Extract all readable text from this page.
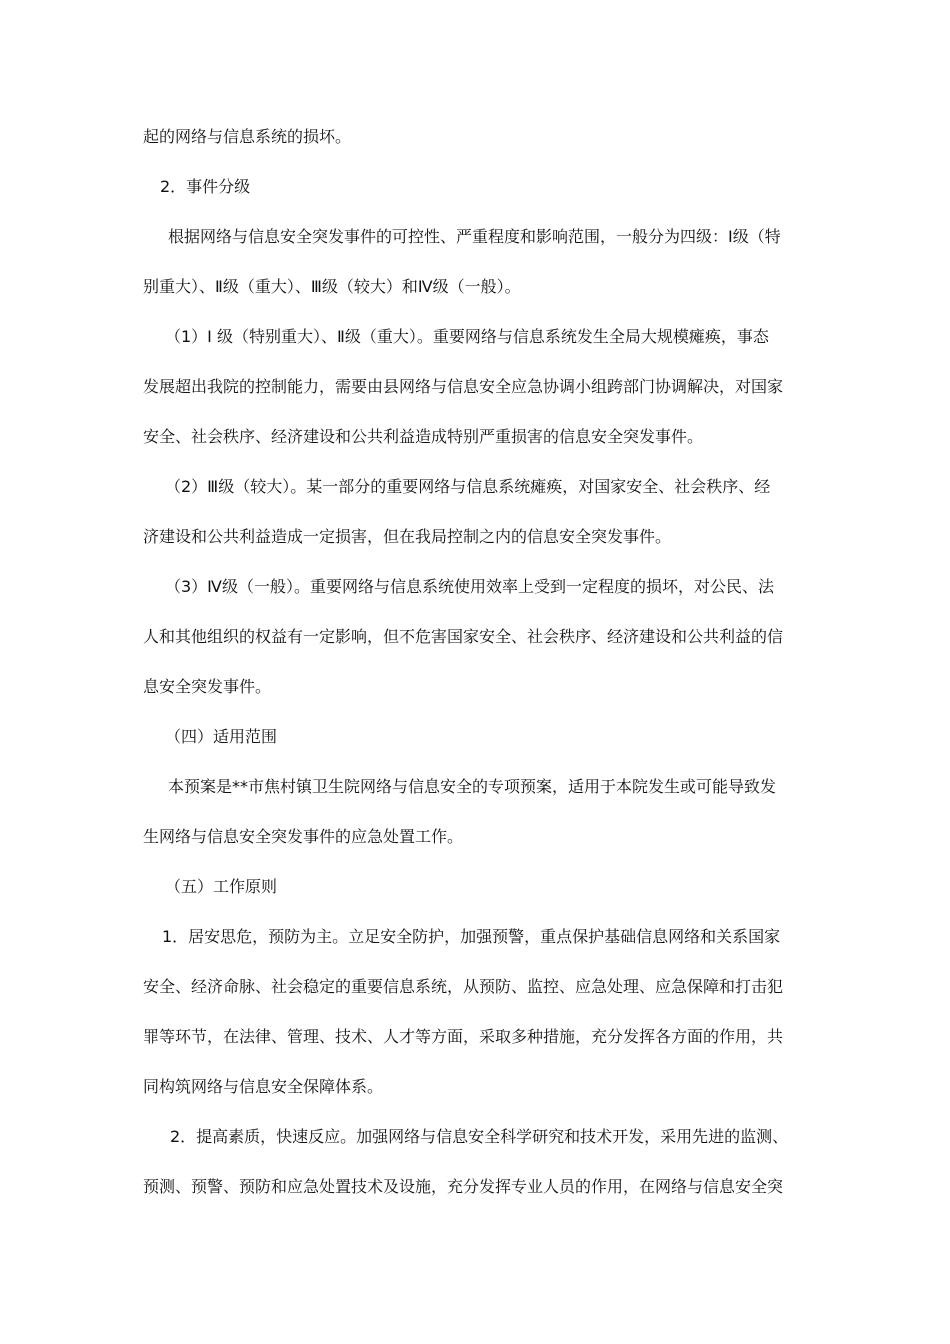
起的网络与信息系统的损坏。
2．事件分级
根据网络与信息安全突发事件的可控性、严重程度和影响范围，一般分为四级：Ⅰ级（特
别重大）、Ⅱ级（重大）、Ⅲ级（较大）和Ⅳ级（一般）。
（1）Ⅰ 级（特别重大）、Ⅱ级（重大）。重要网络与信息系统发生全局大规模瘫痪，事态
发展超出我院的控制能力，需要由县网络与信息安全应急协调小组跨部门协调解决，对国家
安全、社会秩序、经济建设和公共利益造成特别严重损害的信息安全突发事件。
（2）Ⅲ级（较大）。某一部分的重要网络与信息系统瘫痪，对国家安全、社会秩序、经
济建设和公共利益造成一定损害，但在我局控制之内的信息安全突发事件。
（3）Ⅳ级（一般）。重要网络与信息系统使用效率上受到一定程度的损坏，对公民、法
人和其他组织的权益有一定影响，但不危害国家安全、社会秩序、经济建设和公共利益的信
息安全突发事件。
（四）适用范围
本预案是**市焦村镇卫生院网络与信息安全的专项预案，适用于本院发生或可能导致发
生网络与信息安全突发事件的应急处置工作。
（五）工作原则
1．居安思危，预防为主。立足安全防护，加强预警，重点保护基础信息网络和关系国家
安全、经济命脉、社会稳定的重要信息系统，从预防、监控、应急处理、应急保障和打击犯
罪等环节，在法律、管理、技术、人才等方面，采取多种措施，充分发挥各方面的作用，共
同构筑网络与信息安全保障体系。
2．提高素质，快速反应。加强网络与信息安全科学研究和技术开发，采用先进的监测、
预测、预警、预防和应急处置技术及设施，充分发挥专业人员的作用，在网络与信息安全突
